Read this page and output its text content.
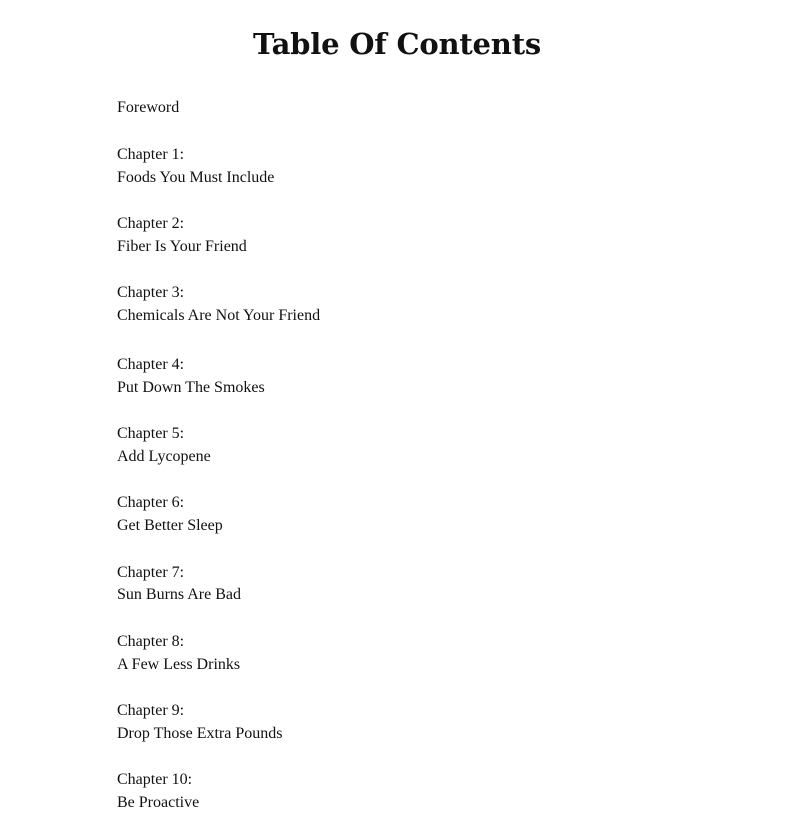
Table Of Contents
Foreword
Chapter 1:
Foods You Must Include
Chapter 2:
Fiber Is Your Friend
Chapter 3:
Chemicals Are Not Your Friend
Chapter 4:
Put Down The Smokes
Chapter 5:
Add Lycopene
Chapter 6:
Get Better Sleep
Chapter 7:
Sun Burns Are Bad
Chapter 8:
A Few Less Drinks
Chapter 9:
Drop Those Extra Pounds
Chapter 10:
Be Proactive
